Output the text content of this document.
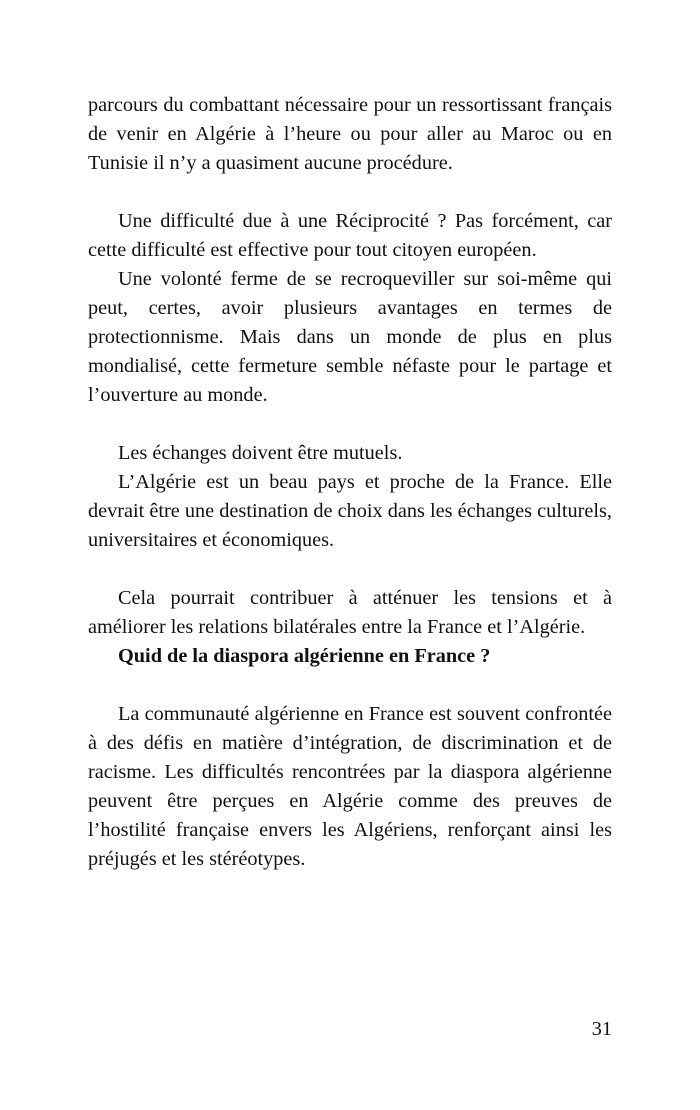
parcours du combattant nécessaire pour un ressortissant français de venir en Algérie à l’heure ou pour aller au Maroc ou en Tunisie il n’y a quasiment aucune procédure.

Une difficulté due à une Réciprocité ? Pas forcément, car cette difficulté est effective pour tout citoyen européen.

Une volonté ferme de se recroqueviller sur soi-même qui peut, certes, avoir plusieurs avantages en termes de protectionnisme. Mais dans un monde de plus en plus mondialisé, cette fermeture semble néfaste pour le partage et l’ouverture au monde.

Les échanges doivent être mutuels.

L’Algérie est un beau pays et proche de la France. Elle devrait être une destination de choix dans les échanges culturels, universitaires et économiques.

Cela pourrait contribuer à atténuer les tensions et à améliorer les relations bilatérales entre la France et l’Algérie.

Quid de la diaspora algérienne en France ?

La communauté algérienne en France est souvent confrontée à des défis en matière d’intégration, de discrimination et de racisme. Les difficultés rencontrées par la diaspora algérienne peuvent être perçues en Algérie comme des preuves de l’hostilité française envers les Algériens, renforçant ainsi les préjugés et les stéréotypes.

31
